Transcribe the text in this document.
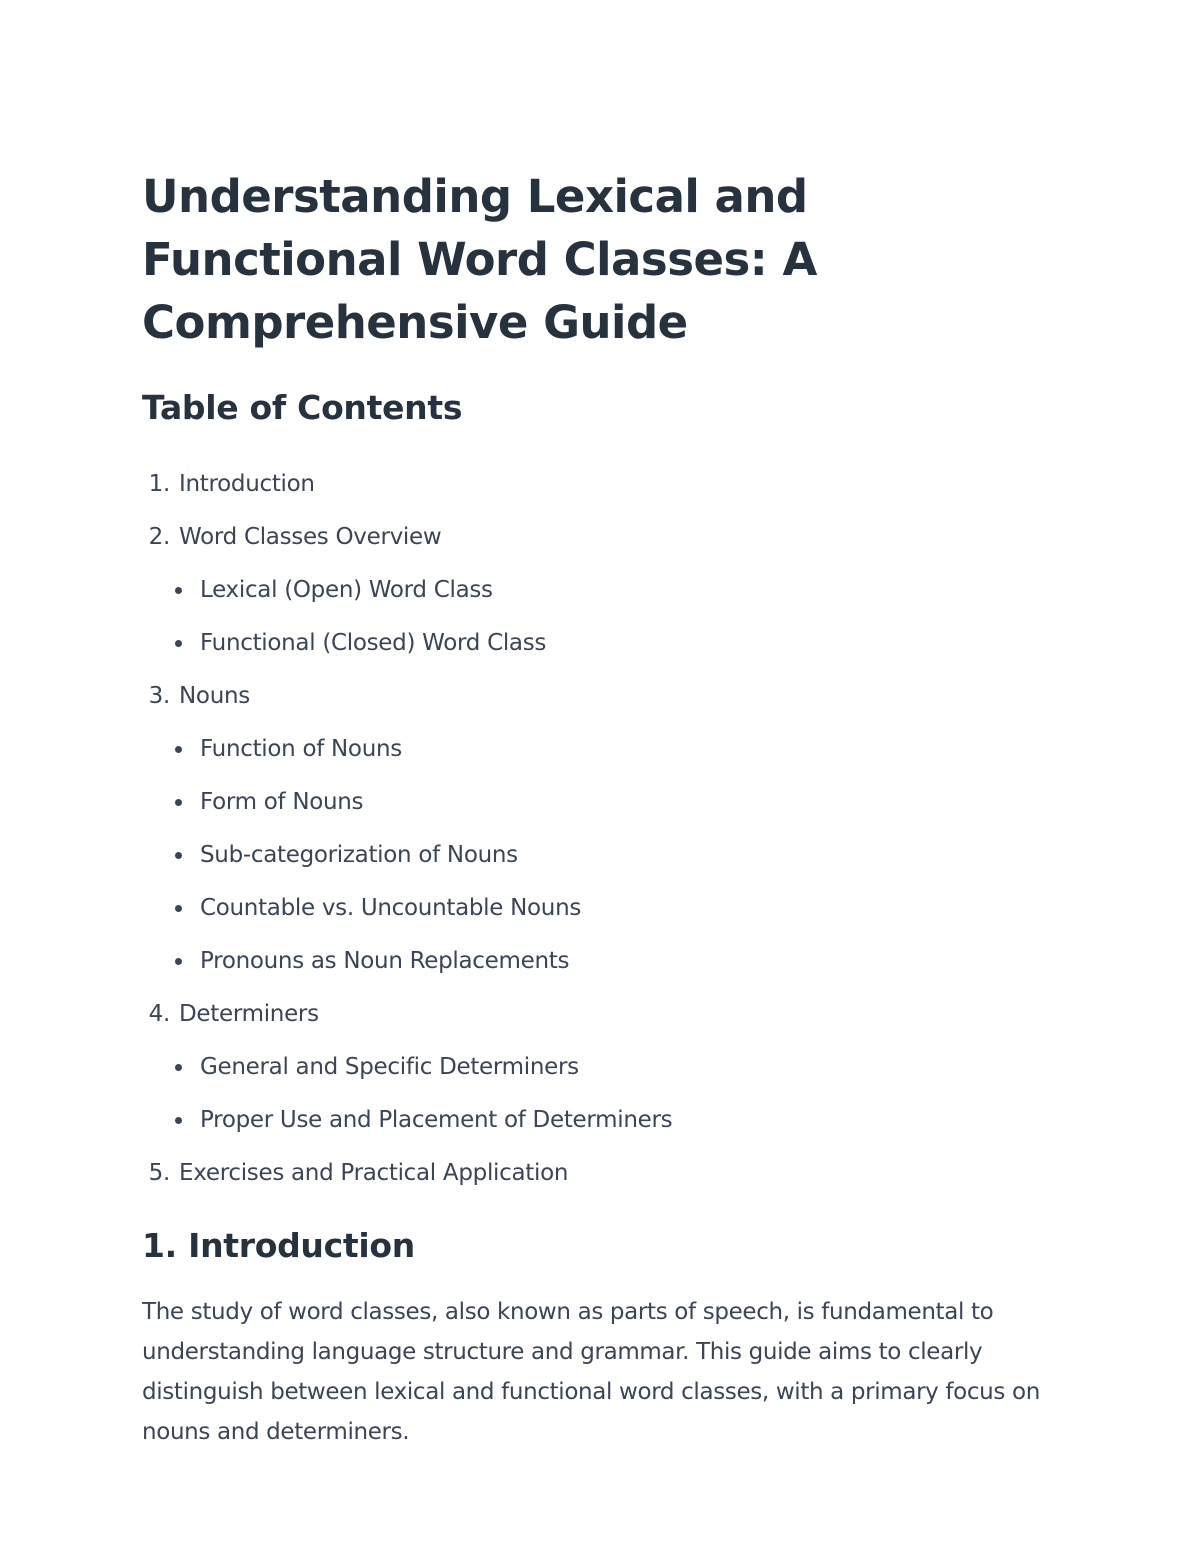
Understanding Lexical and Functional Word Classes: A Comprehensive Guide
Table of Contents
1. Introduction
2. Word Classes Overview
Lexical (Open) Word Class
Functional (Closed) Word Class
3. Nouns
Function of Nouns
Form of Nouns
Sub-categorization of Nouns
Countable vs. Uncountable Nouns
Pronouns as Noun Replacements
4. Determiners
General and Specific Determiners
Proper Use and Placement of Determiners
5. Exercises and Practical Application
1. Introduction

The study of word classes, also known as parts of speech, is fundamental to understanding language structure and grammar. This guide aims to clearly distinguish between lexical and functional word classes, with a primary focus on nouns and determiners.
